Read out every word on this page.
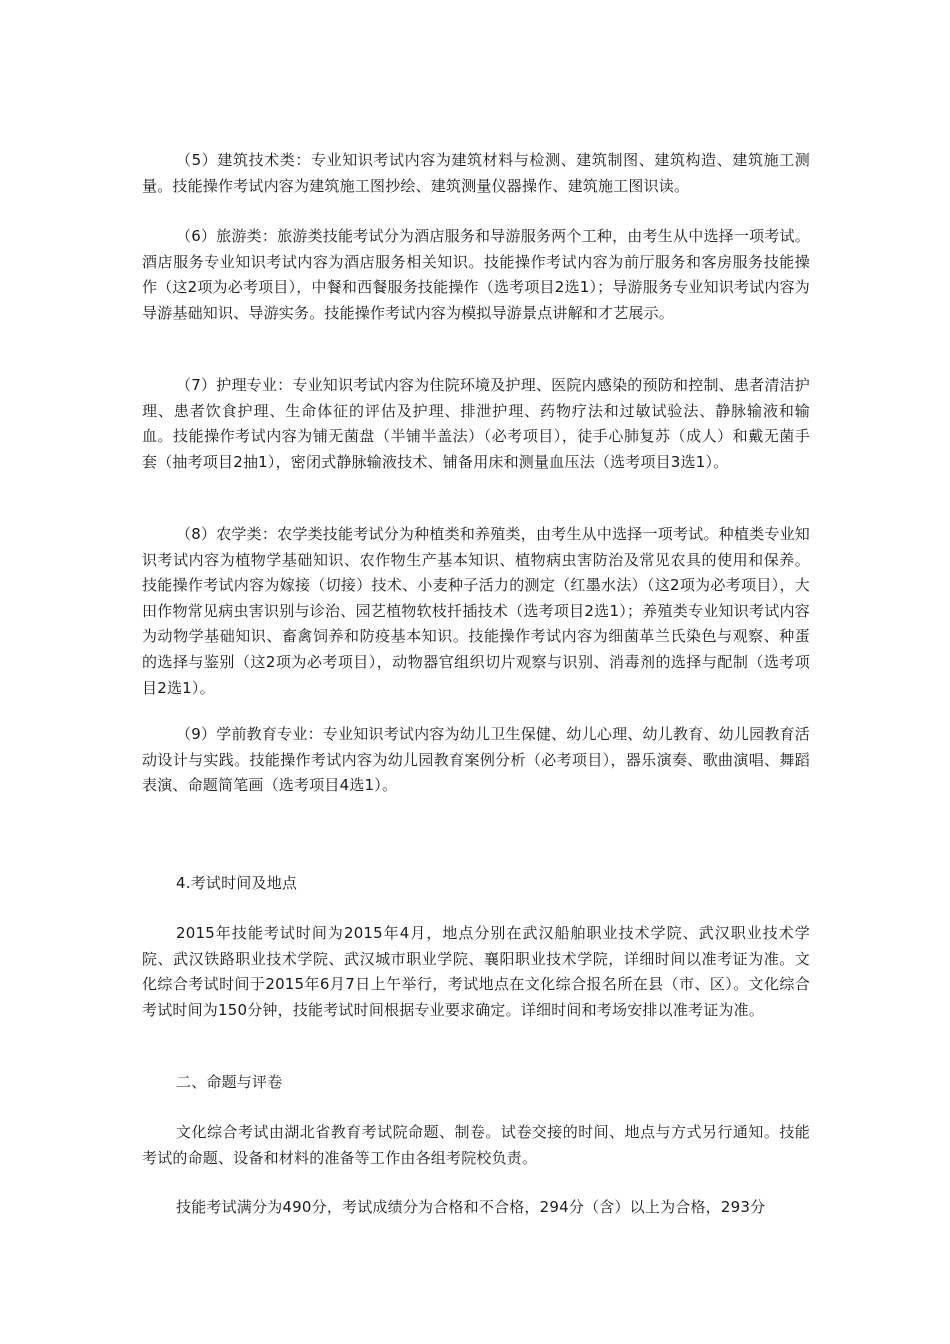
（5）建筑技术类：专业知识考试内容为建筑材料与检测、建筑制图、建筑构造、建筑施工测量。技能操作考试内容为建筑施工图抄绘、建筑测量仪器操作、建筑施工图识读。

（6）旅游类：旅游类技能考试分为酒店服务和导游服务两个工种，由考生从中选择一项考试。酒店服务专业知识考试内容为酒店服务相关知识。技能操作考试内容为前厅服务和客房服务技能操作（这2项为必考项目），中餐和西餐服务技能操作（选考项目2选1）；导游服务专业知识考试内容为导游基础知识、导游实务。技能操作考试内容为模拟导游景点讲解和才艺展示。

（7）护理专业：专业知识考试内容为住院环境及护理、医院内感染的预防和控制、患者清洁护理、患者饮食护理、生命体征的评估及护理、排泄护理、药物疗法和过敏试验法、静脉输液和输血。技能操作考试内容为铺无菌盘（半铺半盖法）（必考项目），徒手心肺复苏（成人）和戴无菌手套（抽考项目2抽1），密闭式静脉输液技术、铺备用床和测量血压法（选考项目3选1）。

（8）农学类：农学类技能考试分为种植类和养殖类，由考生从中选择一项考试。种植类专业知识考试内容为植物学基础知识、农作物生产基本知识、植物病虫害防治及常见农具的使用和保养。技能操作考试内容为嫁接（切接）技术、小麦种子活力的测定（红墨水法）（这2项为必考项目），大田作物常见病虫害识别与诊治、园艺植物软枝扦插技术（选考项目2选1）；养殖类专业知识考试内容为动物学基础知识、畜禽饲养和防疫基本知识。技能操作考试内容为细菌革兰氏染色与观察、种蛋的选择与鉴别（这2项为必考项目），动物器官组织切片观察与识别、消毒剂的选择与配制（选考项目2选1）。

（9）学前教育专业：专业知识考试内容为幼儿卫生保健、幼儿心理、幼儿教育、幼儿园教育活动设计与实践。技能操作考试内容为幼儿园教育案例分析（必考项目），器乐演奏、歌曲演唱、舞蹈表演、命题简笔画（选考项目4选1）。

4.考试时间及地点

2015年技能考试时间为2015年4月，地点分别在武汉船舶职业技术学院、武汉职业技术学院、武汉铁路职业技术学院、武汉城市职业学院、襄阳职业技术学院，详细时间以准考证为准。文化综合考试时间于2015年6月7日上午举行，考试地点在文化综合报名所在县（市、区）。文化综合考试时间为150分钟，技能考试时间根据专业要求确定。详细时间和考场安排以准考证为准。

二、命题与评卷

文化综合考试由湖北省教育考试院命题、制卷。试卷交接的时间、地点与方式另行通知。技能考试的命题、设备和材料的准备等工作由各组考院校负责。

技能考试满分为490分，考试成绩分为合格和不合格，294分（含）以上为合格，293分
